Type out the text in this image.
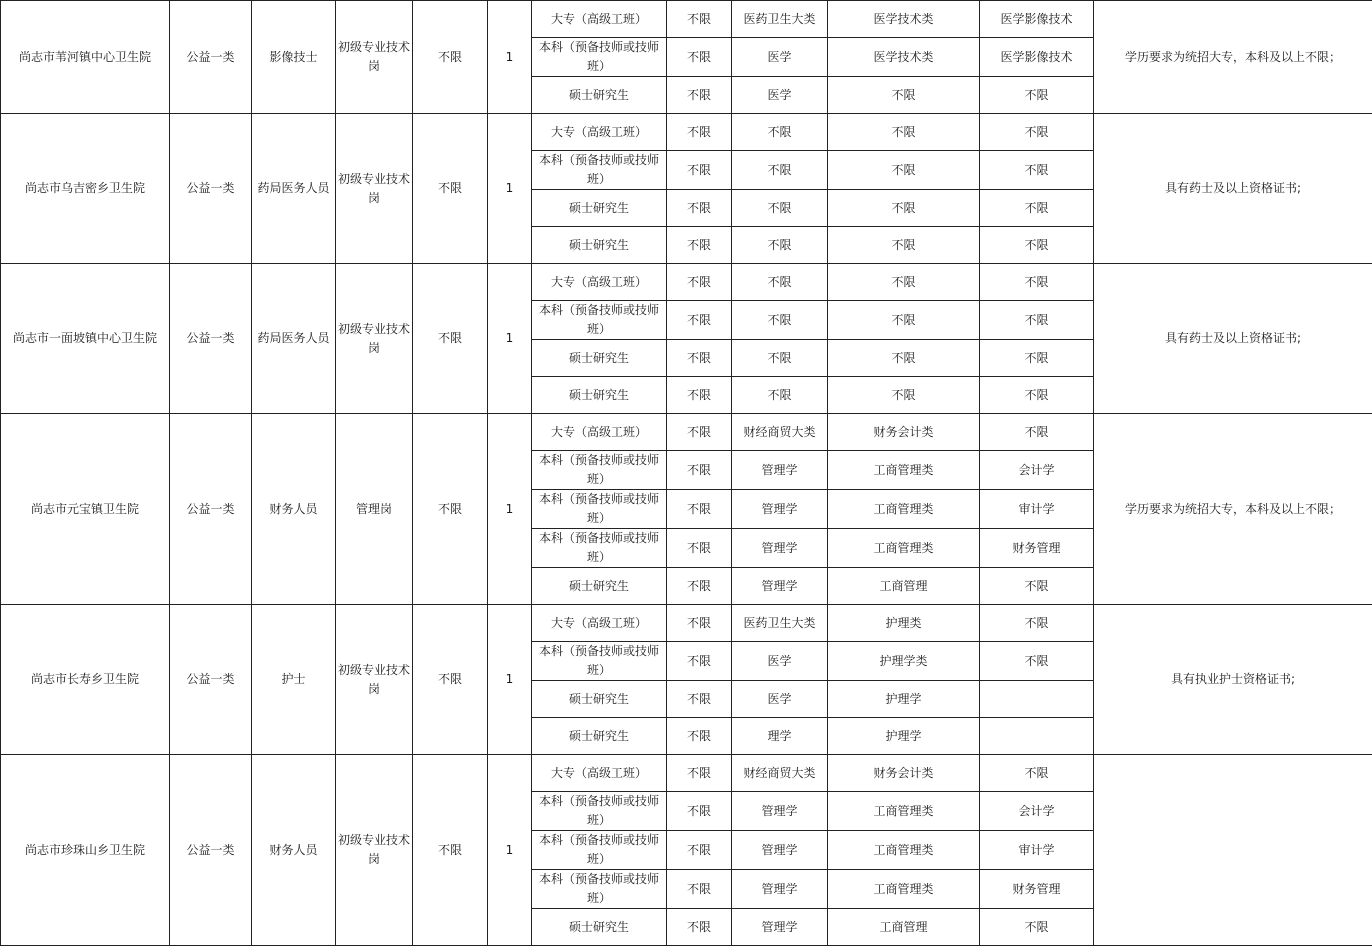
尚志市苇河镇中心卫生院	公益一类	影像技士	初级专业技术岗	不限	1	大专（高级工班）	不限	医药卫生大类	医学技术类	医学影像技术	学历要求为统招大专，本科及以上不限；
						本科（预备技师或技师班）	不限	医学	医学技术类	医学影像技术	
						硕士研究生	不限	医学	不限	不限	
尚志市乌吉密乡卫生院	公益一类	药局医务人员	初级专业技术岗	不限	1	大专（高级工班）	不限	不限	不限	不限	具有药士及以上资格证书;
						本科（预备技师或技师班）	不限	不限	不限	不限	
						硕士研究生	不限	不限	不限	不限	
						硕士研究生	不限	不限	不限	不限	
尚志市一面坡镇中心卫生院	公益一类	药局医务人员	初级专业技术岗	不限	1	大专（高级工班）	不限	不限	不限	不限	具有药士及以上资格证书;
						本科（预备技师或技师班）	不限	不限	不限	不限	
						硕士研究生	不限	不限	不限	不限	
						硕士研究生	不限	不限	不限	不限	
尚志市元宝镇卫生院	公益一类	财务人员	管理岗	不限	1	大专（高级工班）	不限	财经商贸大类	财务会计类	不限	学历要求为统招大专，本科及以上不限；
						本科（预备技师或技师班）	不限	管理学	工商管理类	会计学	
						本科（预备技师或技师班）	不限	管理学	工商管理类	审计学	
						本科（预备技师或技师班）	不限	管理学	工商管理类	财务管理	
						硕士研究生	不限	管理学	工商管理	不限	
尚志市长寿乡卫生院	公益一类	护士	初级专业技术岗	不限	1	大专（高级工班）	不限	医药卫生大类	护理类	不限	具有执业护士资格证书;
						本科（预备技师或技师班）	不限	医学	护理学类	不限	
						硕士研究生	不限	医学	护理学		
						硕士研究生	不限	理学	护理学		
尚志市珍珠山乡卫生院	公益一类	财务人员	初级专业技术岗	不限	1	大专（高级工班）	不限	财经商贸大类	财务会计类	不限	
						本科（预备技师或技师班）	不限	管理学	工商管理类	会计学	
						本科（预备技师或技师班）	不限	管理学	工商管理类	审计学	
						本科（预备技师或技师班）	不限	管理学	工商管理类	财务管理	
						硕士研究生	不限	管理学	工商管理	不限	
